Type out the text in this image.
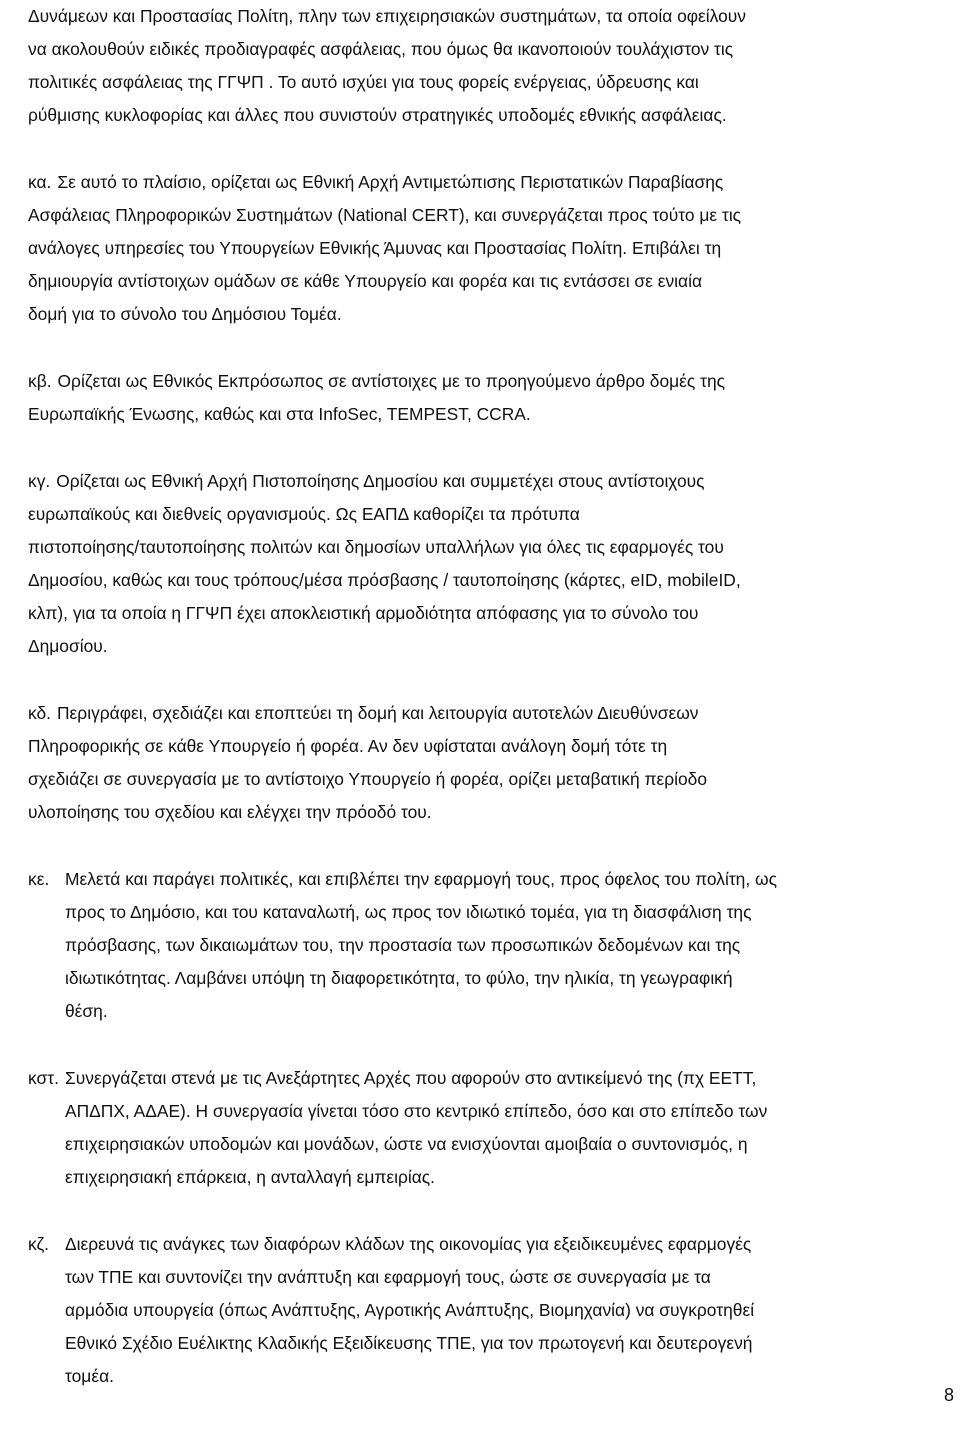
Δυνάμεων και Προστασίας Πολίτη, πλην των επιχειρησιακών συστημάτων, τα οποία οφείλουν
να ακολουθούν ειδικές προδιαγραφές ασφάλειας, που όμως θα ικανοποιούν τουλάχιστον τις
πολιτικές ασφάλειας της ΓΓΨΠ . Το αυτό ισχύει για τους φορείς ενέργειας, ύδρευσης και
ρύθμισης κυκλοφορίας και άλλες που συνιστούν στρατηγικές υποδομές εθνικής ασφάλειας.
κα. Σε αυτό το πλαίσιο, ορίζεται ως Εθνική Αρχή Αντιμετώπισης Περιστατικών Παραβίασης
Ασφάλειας Πληροφορικών Συστημάτων (National CERT), και συνεργάζεται προς τούτο με τις
ανάλογες υπηρεσίες του Υπουργείων Εθνικής Άμυνας και Προστασίας Πολίτη. Επιβάλει τη
δημιουργία αντίστοιχων ομάδων σε κάθε Υπουργείο και φορέα και τις εντάσσει σε ενιαία
δομή για το σύνολο του Δημόσιου Τομέα.
κβ. Ορίζεται ως Εθνικός Εκπρόσωπος σε αντίστοιχες με το προηγούμενο άρθρο δομές της
Ευρωπαϊκής Ένωσης, καθώς και στα InfoSec, TEMPEST, CCRA.
κγ. Ορίζεται ως Εθνική Αρχή Πιστοποίησης Δημοσίου και συμμετέχει στους αντίστοιχους
ευρωπαϊκούς και διεθνείς οργανισμούς. Ως ΕΑΠΔ καθορίζει τα πρότυπα
πιστοποίησης/ταυτοποίησης πολιτών και δημοσίων υπαλλήλων για όλες τις εφαρμογές του
Δημοσίου, καθώς και τους τρόπους/μέσα πρόσβασης / ταυτοποίησης (κάρτες, eID, mobileID,
κλπ), για τα οποία η ΓΓΨΠ έχει αποκλειστική αρμοδιότητα απόφασης για το σύνολο του
Δημοσίου.
κδ. Περιγράφει, σχεδιάζει και εποπτεύει τη δομή και λειτουργία αυτοτελών Διευθύνσεων
Πληροφορικής σε κάθε Υπουργείο ή φορέα. Αν δεν υφίσταται ανάλογη δομή τότε τη
σχεδιάζει σε συνεργασία με το αντίστοιχο Υπουργείο ή φορέα, ορίζει μεταβατική περίοδο
υλοποίησης του σχεδίου και ελέγχει την πρόοδό του.
κε. Μελετά και παράγει πολιτικές, και επιβλέπει την εφαρμογή τους, προς όφελος του πολίτη, ως
προς το Δημόσιο, και του καταναλωτή, ως προς τον ιδιωτικό τομέα, για τη διασφάλιση της
πρόσβασης, των δικαιωμάτων του, την προστασία των προσωπικών δεδομένων και της
ιδιωτικότητας. Λαμβάνει υπόψη τη διαφορετικότητα, το φύλο, την ηλικία, τη γεωγραφική
θέση.
κστ. Συνεργάζεται στενά με τις Ανεξάρτητες Αρχές που αφορούν στο αντικείμενό της (πχ ΕΕΤΤ,
ΑΠΔΠΧ, ΑΔΑΕ). Η συνεργασία γίνεται τόσο στο κεντρικό επίπεδο, όσο και στο επίπεδο των
επιχειρησιακών υποδομών και μονάδων, ώστε να ενισχύονται αμοιβαία ο συντονισμός, η
επιχειρησιακή επάρκεια, η ανταλλαγή εμπειρίας.
κζ. Διερευνά τις ανάγκες των διαφόρων κλάδων της οικονομίας για εξειδικευμένες εφαρμογές
των ΤΠΕ και συντονίζει την ανάπτυξη και εφαρμογή τους, ώστε σε συνεργασία με τα
αρμόδια υπουργεία (όπως Ανάπτυξης, Αγροτικής Ανάπτυξης, Βιομηχανία) να συγκροτηθεί
Εθνικό Σχέδιο Ευέλικτης Κλαδικής Εξειδίκευσης ΤΠΕ, για τον πρωτογενή και δευτερογενή
τομέα.
8
